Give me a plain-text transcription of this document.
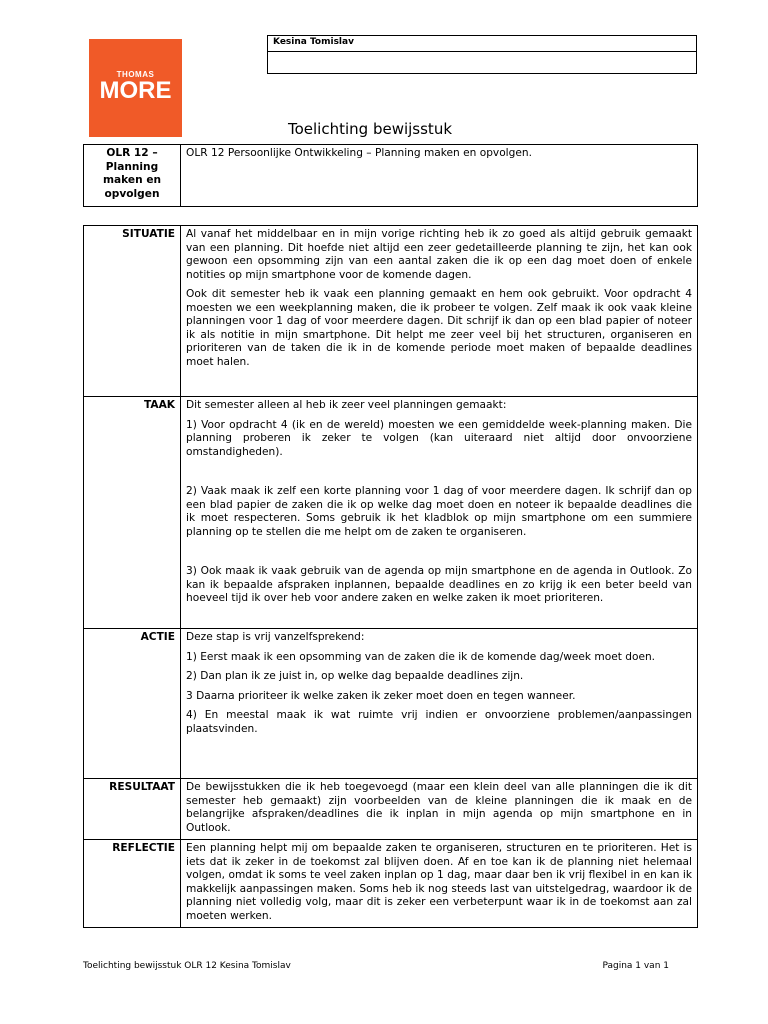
THOMAS
MORE
Kesina Tomislav
Toelichting bewijsstuk
OLR 12 – Planning maken en opvolgen	OLR 12 Persoonlijke Ontwikkeling – Planning maken en opvolgen.
SITUATIE	Al vanaf het middelbaar en in mijn vorige richting heb ik zo goed als altijd gebruik gemaakt van een planning. Dit hoefde niet altijd een zeer gedetailleerde planning te zijn, het kan ook gewoon een opsomming zijn van een aantal zaken die ik op een dag moet doen of enkele notities op mijn smartphone voor de komende dagen.

Ook dit semester heb ik vaak een planning gemaakt en hem ook gebruikt. Voor opdracht 4 moesten we een weekplanning maken, die ik probeer te volgen. Zelf maak ik ook vaak kleine planningen voor 1 dag of voor meerdere dagen. Dit schrijf ik dan op een blad papier of noteer ik als notitie in mijn smartphone. Dit helpt me zeer veel bij het structuren, organiseren en prioriteren van de taken die ik in de komende periode moet maken of bepaalde deadlines moet halen.

TAAK	Dit semester alleen al heb ik zeer veel planningen gemaakt:

1) Voor opdracht 4 (ik en de wereld) moesten we een gemiddelde week-planning maken. Die planning proberen ik zeker te volgen (kan uiteraard niet altijd door onvoorziene omstandigheden).

2) Vaak maak ik zelf een korte planning voor 1 dag of voor meerdere dagen. Ik schrijf dan op een blad papier de zaken die ik op welke dag moet doen en noteer ik bepaalde deadlines die ik moet respecteren. Soms gebruik ik het kladblok op mijn smartphone om een summiere planning op te stellen die me helpt om de zaken te organiseren.

3) Ook maak ik vaak gebruik van de agenda op mijn smartphone en de agenda in Outlook. Zo kan ik bepaalde afspraken inplannen, bepaalde deadlines en zo krijg ik een beter beeld van hoeveel tijd ik over heb voor andere zaken en welke zaken ik moet prioriteren.

ACTIE	Deze stap is vrij vanzelfsprekend:

1) Eerst maak ik een opsomming van de zaken die ik de komende dag/week moet doen.

2) Dan plan ik ze juist in, op welke dag bepaalde deadlines zijn.

3 Daarna prioriteer ik welke zaken ik zeker moet doen en tegen wanneer.

4) En meestal maak ik wat ruimte vrij indien er onvoorziene problemen/aanpassingen plaatsvinden.

RESULTAAT	De bewijsstukken die ik heb toegevoegd (maar een klein deel van alle planningen die ik dit semester heb gemaakt) zijn voorbeelden van de kleine planningen die ik maak en de belangrijke afspraken/deadlines die ik inplan in mijn agenda op mijn smartphone en in Outlook.

REFLECTIE	Een planning helpt mij om bepaalde zaken te organiseren, structuren en te prioriteren. Het is iets dat ik zeker in de toekomst zal blijven doen. Af en toe kan ik de planning niet helemaal volgen, omdat ik soms te veel zaken inplan op 1 dag, maar daar ben ik vrij flexibel in en kan ik makkelijk aanpassingen maken. Soms heb ik nog steeds last van uitstelgedrag, waardoor ik de planning niet volledig volg, maar dit is zeker een verbeterpunt waar ik in de toekomst aan zal moeten werken.

Toelichting bewijsstuk OLR 12 Kesina Tomislav	Pagina 1 van 1
